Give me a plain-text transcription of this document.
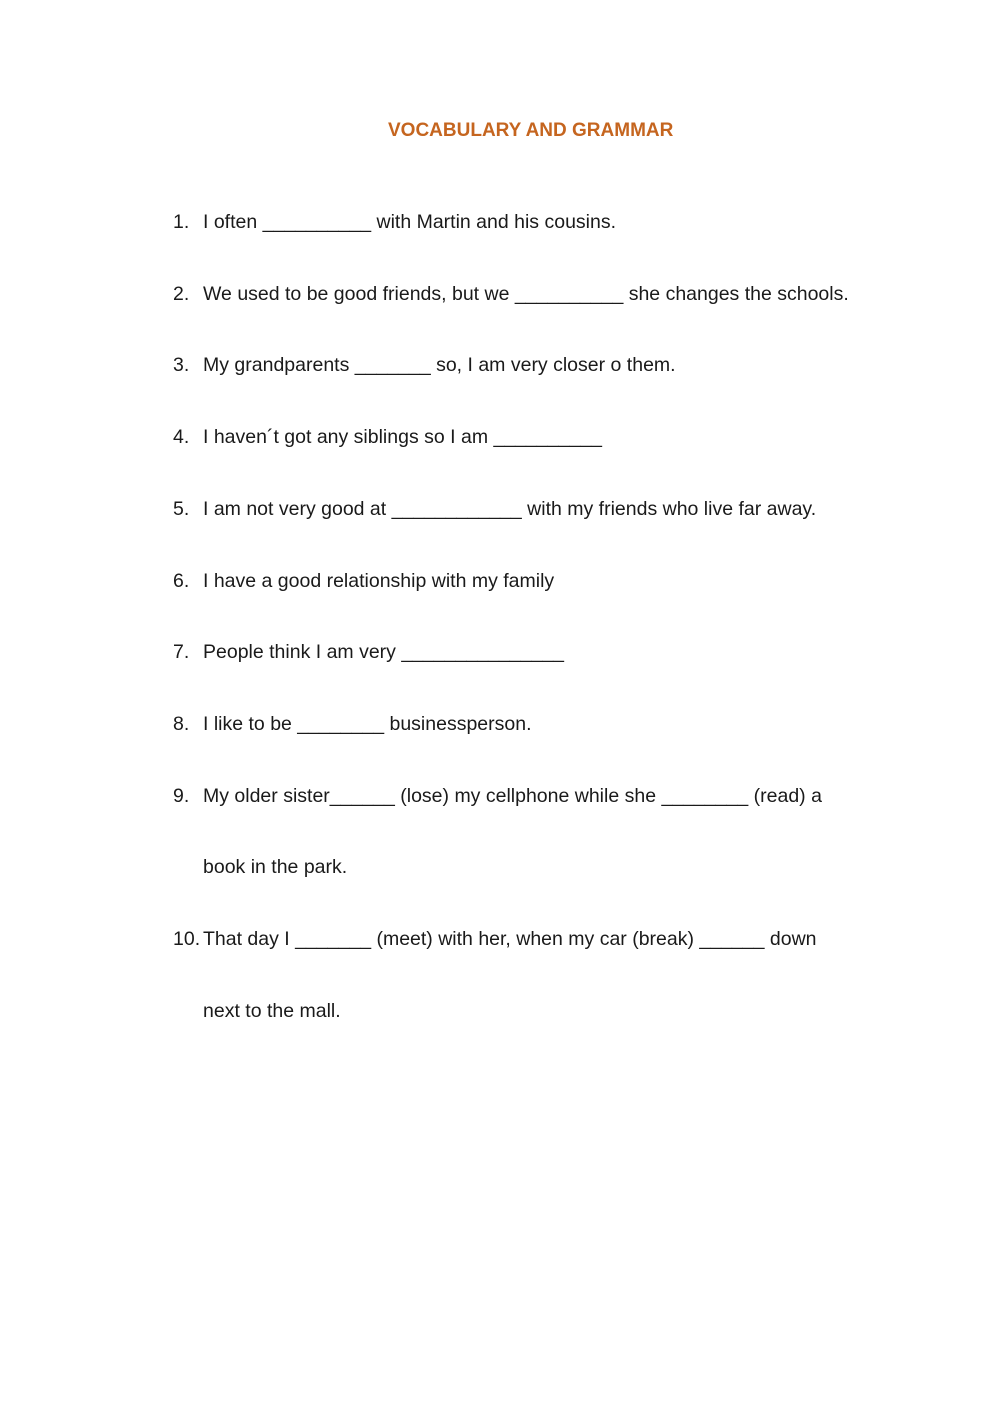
VOCABULARY AND GRAMMAR
1. I often __________ with Martin and his cousins.
2. We used to be good friends, but we __________ she changes the schools.
3. My grandparents _______ so, I am very closer o them.
4. I haven´t got any siblings so I am __________
5. I am not very good at ____________ with my friends who live far away.
6. I have a good relationship with my family
7. People think I am very _______________
8. I like to be ________ businessperson.
9. My older sister______ (lose) my cellphone while she ________ (read) a
book in the park.
10. That day I _______ (meet) with her, when my car (break) ______ down
next to the mall.
